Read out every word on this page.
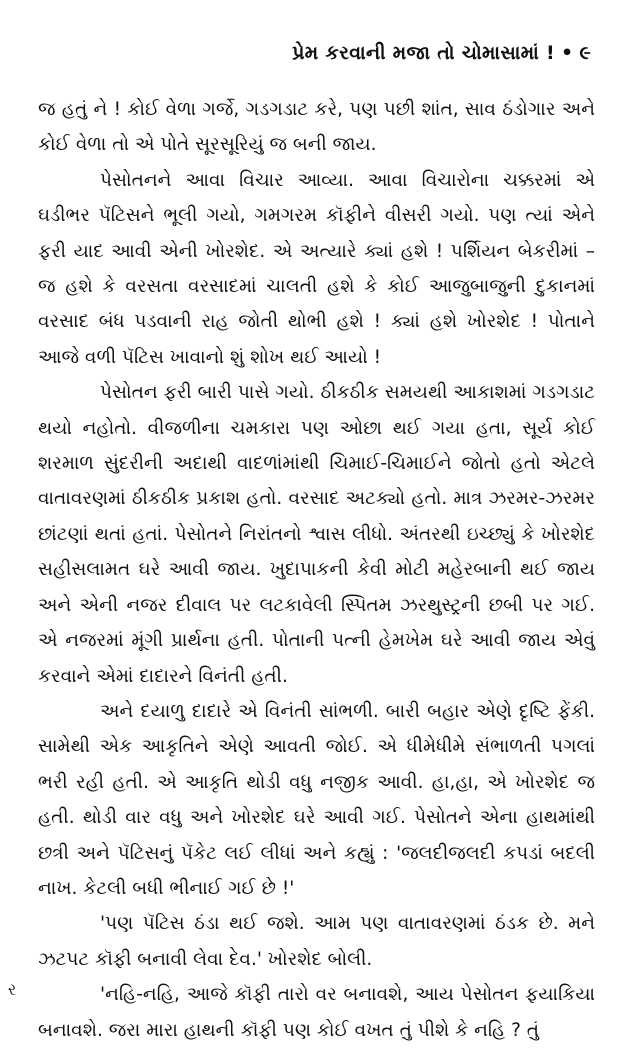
પ્રેમ કરવાની મજા તો ચોમાસામાં ! • ૯

જ હતું ને ! કોઈ વેળા ગર્જે, ગડગડાટ કરે, પણ પછી શાંત, સાવ ઠંડોગાર અને કોઈ વેળા તો એ પોતે સૂરસૂરિયું જ બની જાય.

પેસોતનને આવા વિચાર આવ્યા. આવા વિચારોના ચક્કરમાં એ ઘડીભર પૅટિસને ભૂલી ગયો, ગમગરમ કૉફીને વીસરી ગયો. પણ ત્યાં એને ફરી યાદ આવી એની ખોરશેદ. એ અત્યારે ક્યાં હશે ! પર્શિયન બેકરીમાં – જ હશે કે વરસતા વરસાદમાં ચાલતી હશે કે કોઈ આજુબાજુની દુકાનમાં વરસાદ બંધ પડવાની રાહ જોતી થોભી હશે ! ક્યાં હશે ખોરશેદ ! પોતાને આજે વળી પૅટિસ ખાવાનો શું શોખ થઈ આયો !

પેસોતન ફરી બારી પાસે ગયો. ઠીકઠીક સમયથી આકાશમાં ગડગડાટ થયો નહોતો. વીજળીના ચમકારા પણ ઓછા થઈ ગયા હતા, સૂર્ય કોઈ શરમાળ સુંદરીની અદાથી વાદળાંમાંથી ચિમાઈ-ચિમાઈને જોતો હતો એટલે વાતાવરણમાં ઠીકઠીક પ્રકાશ હતો. વરસાદ અટક્યો હતો. માત્ર ઝરમર-ઝરમર છાંટણાં થતાં હતાં. પેસોતને નિરાંતનો શ્વાસ લીધો. અંતરથી ઇચ્છ્યું કે ખોરશેદ સહીસલામત ઘરે આવી જાય. ખુદાપાકની કેવી મોટી મહેરબાની થઈ જાય અને એની નજર દીવાલ પર લટકાવેલી સ્પિતમ ઝરથુસ્ટ્રની છબી પર ગઈ. એ નજરમાં મૂંગી પ્રાર્થના હતી. પોતાની પત્ની હેમખેમ ઘરે આવી જાય એવું કરવાને એમાં દાદારને વિનંતી હતી.

અને દયાળુ દાદારે એ વિનંતી સાંભળી. બારી બહાર એણે દૃષ્ટિ ફેંકી. સામેથી એક આકૃતિને એણે આવતી જોઈ. એ ધીમેધીમે સંભાળતી પગલાં ભરી રહી હતી. એ આકૃતિ થોડી વધુ નજીક આવી. હા,હા, એ ખોરશેદ જ હતી. થોડી વાર વધુ અને ખોરશેદ ઘરે આવી ગઈ. પેસોતને એના હાથમાંથી છત્રી અને પૅટિસનું પૅકેટ લઈ લીધાં અને કહ્યું : 'જલદીજલદી કપડાં બદલી નાખ. કેટલી બધી ભીનાઈ ગઈ છે !'

'પણ પૅટિસ ઠંડા થઈ જશે. આમ પણ વાતાવરણમાં ઠંડક છે. મને ઝટપટ કૉફી બનાવી લેવા દેવ.' ખોરશેદ બોલી.

'નહિ-નહિ, આજે કૉફી તારો વર બનાવશે, આય પેસોતન ફયાકિયા બનાવશે. જરા મારા હાથની કૉફી પણ કોઈ વખત તું પીશે કે નહિ ? તું

ર
